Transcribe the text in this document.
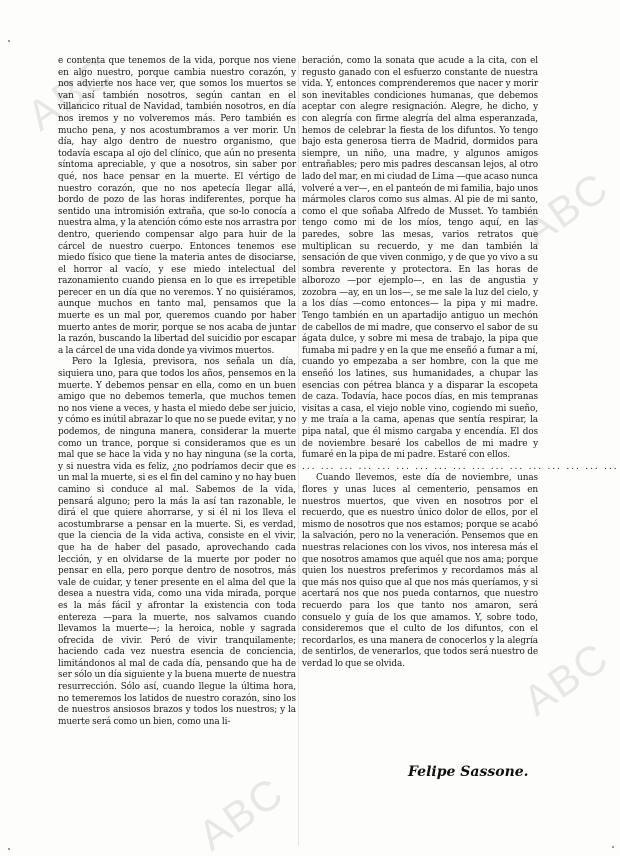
ABC
ABC
ABC
ABC

e contenta que tenemos de la vida, porque nos viene en algo nuestro, porque cambia nuestro corazón, y nos advierte nos hace ver, que somos los muertos se van así también nosotros, según cantan en el villancico ritual de Navidad, también nosotros, en día nos iremos y no volveremos más. Pero también es mucho pena, y nos acostumbramos a ver morir. Un día, hay algo dentro de nuestro organismo, que todavía escapa al ojo del clínico, que aún no presenta síntoma apreciable, y que a nosotros, sin saber por qué, nos hace pensar en la muerte. El vértigo de nuestro corazón, que no nos apetecía llegar allá, bordo de pozo de las horas indiferentes, porque ha sentido una intromisión extraña, que so-lo conocía a nuestra alma, y la atención cómo este nos arrastra por dentro, queriendo compensar algo para huir de la cárcel de nuestro cuerpo. Entonces tenemos ese miedo físico que tiene la materia antes de disociarse, el horror al vacío, y ese miedo intelectual del razonamiento cuando piensa en lo que es irrepetible perecer en un día que no veremos. Y no quisiéramos, aunque muchos en tanto mal, pensamos que la muerte es un mal por, queremos cuando por haber muerto antes de morir, porque se nos acaba de juntar la razón, buscando la libertad del suicidio por escapar a la cárcel de una vida donde ya vivimos muertos.

Pero la Iglesia, previsora, nos señala un día, siquiera uno, para que todos los años, pensemos en la muerte. Y debemos pensar en ella, como en un buen amigo que no debemos temerla, que muchos temen no nos viene a veces, y hasta el miedo debe ser juicio, y cómo es inútil abrazar lo que no se puede evitar, y no podemos, de ninguna manera, considerar la muerte como un trance, porque si consideramos que es un mal que se hace la vida y no hay ninguna (se la corta, y si nuestra vida es feliz, ¿no podríamos decir que es un mal la muerte, si es el fin del camino y no hay buen camino si conduce al mal. Sabemos de la vida, pensará alguno; pero la más la así tan razonable, le dirá el que quiere ahorrarse, y si él ni los lleva el acostumbrarse a pensar en la muerte. Si, es verdad, que la ciencia de la vida activa, consiste en el vivir, que ha de haber del pasado, aprovechando cada lección, y en olvidarse de la muerte por poder no pensar en ella, pero porque dentro de nosotros, más vale de cuidar, y tener presente en el alma del que la desea a nuestra vida, como una vida mirada, porque es la más fácil y afrontar la existencia con toda entereza —para la muerte, nos salvamos cuando llevamos la muerte—; la heroica, noble y sagrada ofrecida de vivir. Peró de vivir tranquilamente; haciendo cada vez nuestra esencia de conciencia, limitándonos al mal de cada día, pensando que ha de ser sólo un día siguiente y la buena muerte de nuestra resurrección. Sólo así, cuando llegue la última hora, no temeremos los latidos de nuestro corazón, sino los de nuestros ansiosos brazos y todos los nuestros; y la muerte será como un bien, como una li-

beración, como la sonata que acude a la cita, con el regusto ganado con el esfuerzo constante de nuestra vida. Y, entonces comprenderemos que nacer y morir son inevitables condiciones humanas, que debemos aceptar con alegre resignación. Alegre, he dicho, y con alegría con firme alegría del alma esperanzada, hemos de celebrar la fiesta de los difuntos. Yo tengo bajo esta generosa tierra de Madrid, dormidos para siempre, un niño, una madre, y algunos amigos entrañables; pero mis padres descansan lejos, al otro lado del mar, en mi ciudad de Lima —que acaso nunca volveré a ver—, en el panteón de mi familia, bajo unos mármoles claros como sus almas. Al pie de mi santo, como el que soñaba Alfredo de Musset. Yo también tengo como mi de los míos, tengo aquí, en las paredes, sobre las mesas, varios retratos que multiplican su recuerdo, y me dan también la sensación de que viven conmigo, y de que yo vivo a su sombra reverente y protectora. En las horas de alborozo —por ejemplo—, en las de angustia y zozobra —ay, en un los—, se me sale la luz del cielo, y a los días —como entonces— la pipa y mi madre. Tengo también en un apartadijo antiguo un mechón de cabellos de mi madre, que conservo el sabor de su ágata dulce, y sobre mi mesa de trabajo, la pipa que fumaba mi padre y en la que me enseñó a fumar a mí, cuando yo empezaba a ser hombre, con la que me enseñó los latines, sus humanidades, a chupar las esencias con pétrea blanca y a disparar la escopeta de caza. Todavía, hace pocos días, en mis tempranas visitas a casa, el viejo noble vino, cogiendo mi sueño, y me traía a la cama, apenas que sentía respirar, la pipa natal, que él mismo cargaba y encendía. El dos de noviembre besaré los cabellos de mi madre y fumaré en la pipa de mi padre. Estaré con ellos.

... ... ... ... ... ... ... ... ... ... ... ... ... ... ... ... ...

Cuando llevemos, este día de noviembre, unas flores y unas luces al cementerio, pensamos en nuestros muertos, que viven en nosotros por el recuerdo, que es nuestro único dolor de ellos, por el mismo de nosotros que nos estamos; porque se acabó la salvación, pero no la veneración. Pensemos que en nuestras relaciones con los vivos, nos interesa más el que nosotros amamos que aquél que nos ama; porque quien los nuestros preferimos y recordamos más al que más nos quiso que al que nos más queríamos, y si acertará nos que nos pueda contarnos, que nuestro recuerdo para los que tanto nos amaron, será consuelo y guía de los que amamos. Y, sobre todo, consideremos que el culto de los difuntos, con el recordarlos, es una manera de conocerlos y la alegría de sentirlos, de venerarlos, que todos será nuestro de verdad lo que se olvida.

Felipe Sassone.
